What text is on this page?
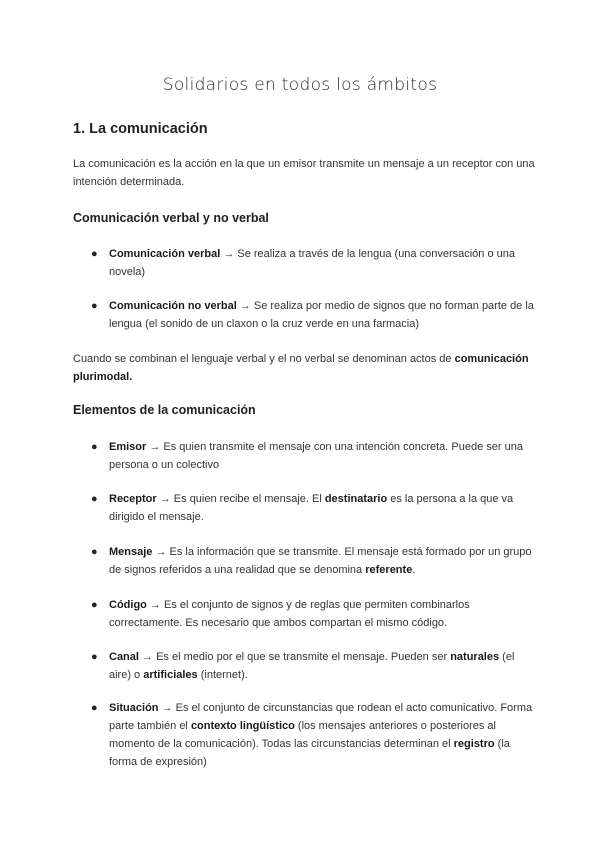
Solidarios en todos los ámbitos
1. La comunicación
La comunicación es la acción en la que un emisor transmite un mensaje a un receptor con una intención determinada.
Comunicación verbal y no verbal
● Comunicación verbal → Se realiza a través de la lengua (una conversación o una novela)
● Comunicación no verbal → Se realiza por medio de signos que no forman parte de la lengua (el sonido de un claxon o la cruz verde en una farmacia)
Cuando se combinan el lenguaje verbal y el no verbal se denominan actos de comunicación plurimodal.
Elementos de la comunicación
● Emisor → Es quien transmite el mensaje con una intención concreta. Puede ser una persona o un colectivo
● Receptor → Es quien recibe el mensaje. El destinatario es la persona a la que va dirigido el mensaje.
● Mensaje → Es la información que se transmite. El mensaje está formado por un grupo de signos referidos a una realidad que se denomina referente.
● Código → Es el conjunto de signos y de reglas que permiten combinarlos correctamente. Es necesario que ambos compartan el mismo código.
● Canal → Es el medio por el que se transmite el mensaje. Pueden ser naturales (el aire) o artificiales (internet).
● Situación → Es el conjunto de circunstancias que rodean el acto comunicativo. Forma parte también el contexto lingüístico (los mensajes anteriores o posteriores al momento de la comunicación). Todas las circunstancias determinan el registro (la forma de expresión)
